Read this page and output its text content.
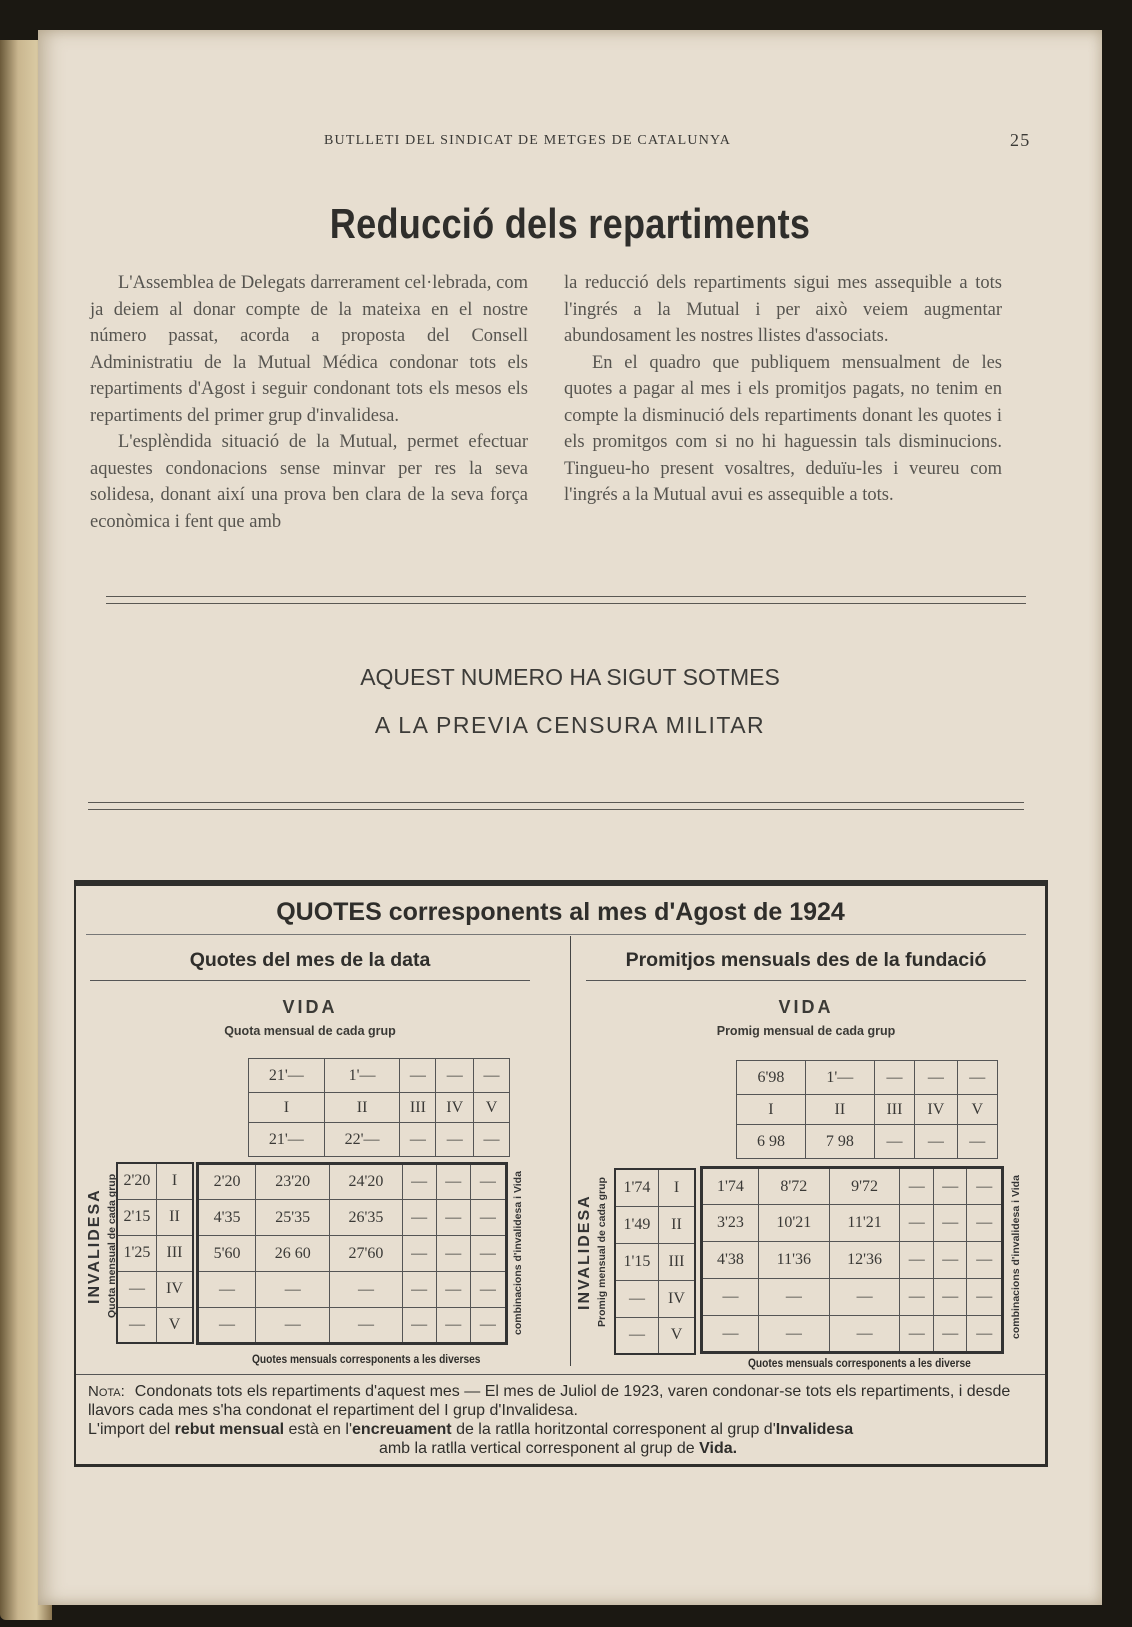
BUTLLETI DEL SINDICAT DE METGES DE CATALUNYA	25
Reducció dels repartiments

L'Assemblea de Delegats darrerament cel·lebrada, com ja deiem al donar compte de la mateixa en el nostre número passat, acorda a proposta del Consell Administratiu de la Mutual Médica condonar tots els repartiments d'Agost i seguir condonant tots els mesos els repartiments del primer grup d'invalidesa.

L'esplèndida situació de la Mutual, permet efectuar aquestes condonacions sense minvar per res la seva solidesa, donant així una prova ben clara de la seva força econòmica i fent que amb

la reducció dels repartiments sigui mes assequible a tots l'ingrés a la Mutual i per això veiem augmentar abundosament les nostres llistes d'associats.

En el quadro que publiquem mensualment de les quotes a pagar al mes i els promitjos pagats, no tenim en compte la disminució dels repartiments donant les quotes i els promitgos com si no hi haguessin tals disminucions. Tingueu-ho present vosaltres, deduïu-les i veureu com l'ingrés a la Mutual avui es assequible a tots.

AQUEST NUMERO HA SIGUT SOTMES
A LA PREVIA CENSURA MILITAR
QUOTES corresponents al mes d'Agost de 1924
Quotes del mes de la data
VIDA
Quota mensual de cada grup
21'—	1'—	—	—	—
I	II	III	IV	V
21'—	22'—	—	—	—
INVALIDESA Quota mensual de cada grup 2'20	I
2'15	II
1'25	III
—	IV
—	V
2'20	23'20	24'20	—	—	—
4'35	25'35	26'35	—	—	—
5'60	26 60	27'60	—	—	—
—	—	—	—	—	—
—	—	—	—	—	— combinacions d'invalidesa i Vida
Quotes mensuals corresponents a les diverses
Promitjos mensuals des de la fundació
VIDA
Promig mensual de cada grup
6'98	1'—	—	—	—
I	II	III	IV	V
6 98	7 98	—	—	—
INVALIDESA Promig mensual de cada grup 1'74	I
1'49	II
1'15	III
—	IV
—	V
1'74	8'72	9'72	—	—	—
3'23	10'21	11'21	—	—	—
4'38	11'36	12'36	—	—	—
—	—	—	—	—	—
—	—	—	—	—	— combinacions d'invalidesa i Vida
Quotes mensuals corresponents a les diverse
Nota: Condonats tots els repartiments d'aquest mes — El mes de Juliol de 1923, varen condonar-se tots els repartiments, i desde llavors cada mes s'ha condonat el repartiment del I grup d'Invalidesa.
L'import del rebut mensual està en l'encreuament de la ratlla horitzontal corresponent al grup d'Invalidesa
amb la ratlla vertical corresponent al grup de Vida.
